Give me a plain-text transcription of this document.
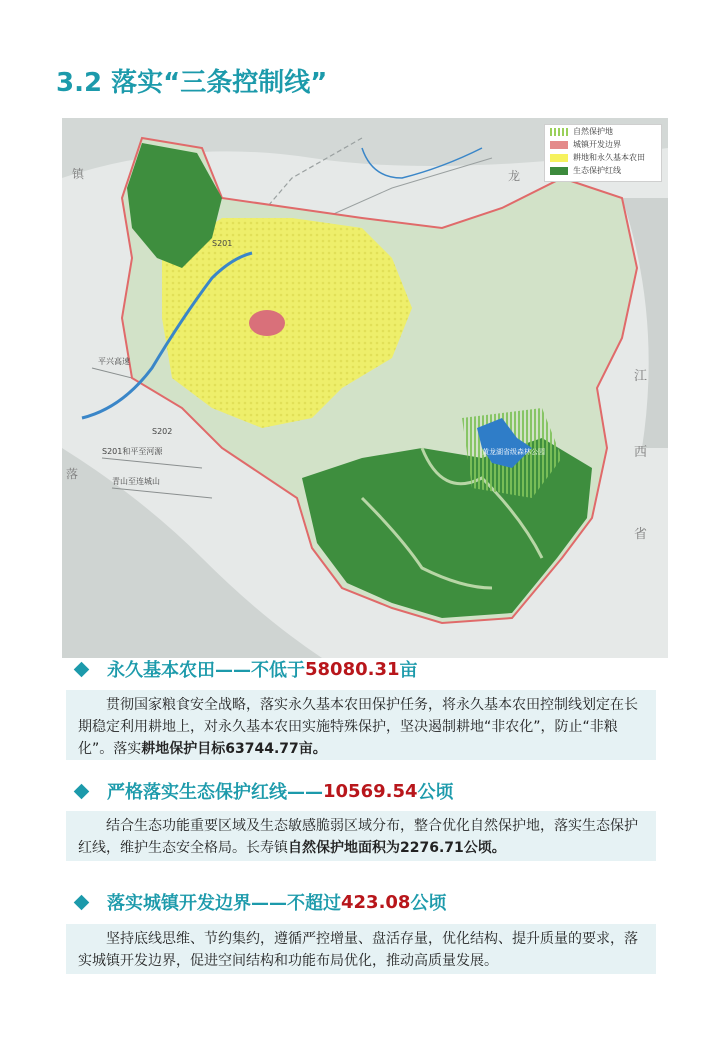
3.2 落实“三条控制线”
龙
镇
江
西
省
落
S201
平兴高速
S202
S201和平至河源
青山至连城山
黄龙湖省级森林公园
自然保护地
城镇开发边界
耕地和永久基本农田
生态保护红线
永久基本农田——不低于 58080.31 亩

贯彻国家粮食安全战略，落实永久基本农田保护任务，将永久基本农田控制线划定在长期稳定利用耕地上，对永久基本农田实施特殊保护，坚决遏制耕地“非农化”，防止“非粮化”。落实耕地保护目标63744.77亩。

严格落实生态保护红线—— 10569.54 公顷

结合生态功能重要区域及生态敏感脆弱区域分布，整合优化自然保护地，落实生态保护红线，维护生态安全格局。长寿镇自然保护地面积为2276.71公顷。

落实城镇开发边界——不超过 423.08 公顷

坚持底线思维、节约集约，遵循严控增量、盘活存量，优化结构、提升质量的要求，落实城镇开发边界，促进空间结构和功能布局优化，推动高质量发展。
